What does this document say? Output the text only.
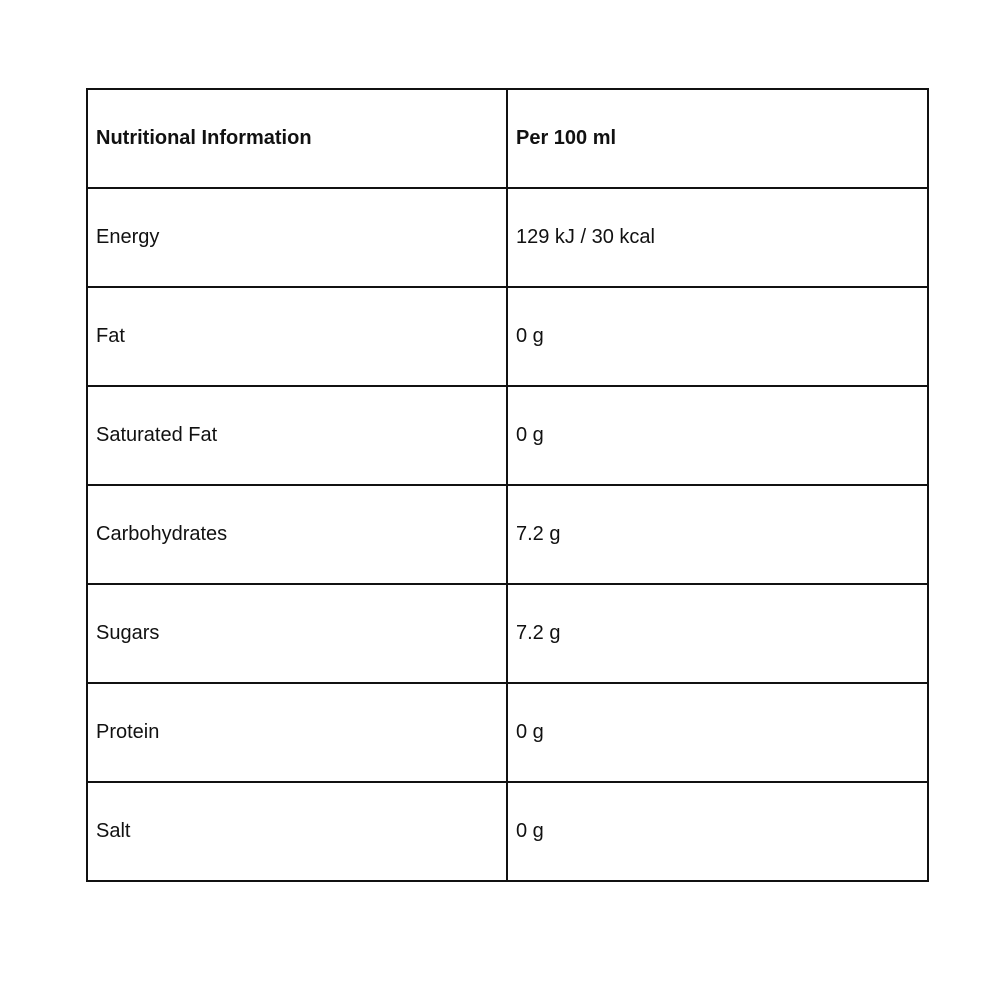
Nutritional Information	Per 100 ml
Energy	129 kJ / 30 kcal
Fat	0 g
Saturated Fat	0 g
Carbohydrates	7.2 g
Sugars	7.2 g
Protein	0 g
Salt	0 g
